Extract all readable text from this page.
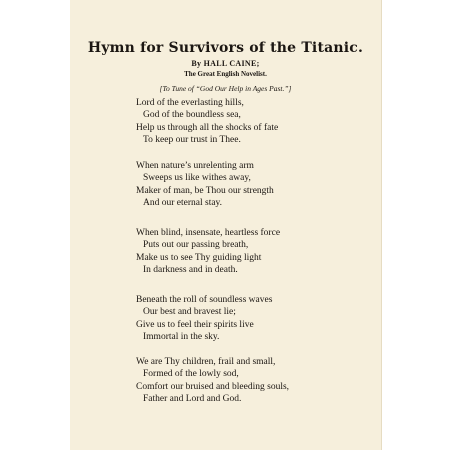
Hymn for Survivors of the Titanic.
By HALL CAINE;
The Great English Novelist.
[To Tune of “God Our Help in Ages Past.”]
Lord of the everlasting hills,
God of the boundless sea,
Help us through all the shocks of fate
To keep our trust in Thee.
When nature’s unrelenting arm
Sweeps us like withes away,
Maker of man, be Thou our strength
And our eternal stay.
When blind, insensate, heartless force
Puts out our passing breath,
Make us to see Thy guiding light
In darkness and in death.
Beneath the roll of soundless waves
Our best and bravest lie;
Give us to feel their spirits live
Immortal in the sky.
We are Thy children, frail and small,
Formed of the lowly sod,
Comfort our bruised and bleeding souls,
Father and Lord and God.
